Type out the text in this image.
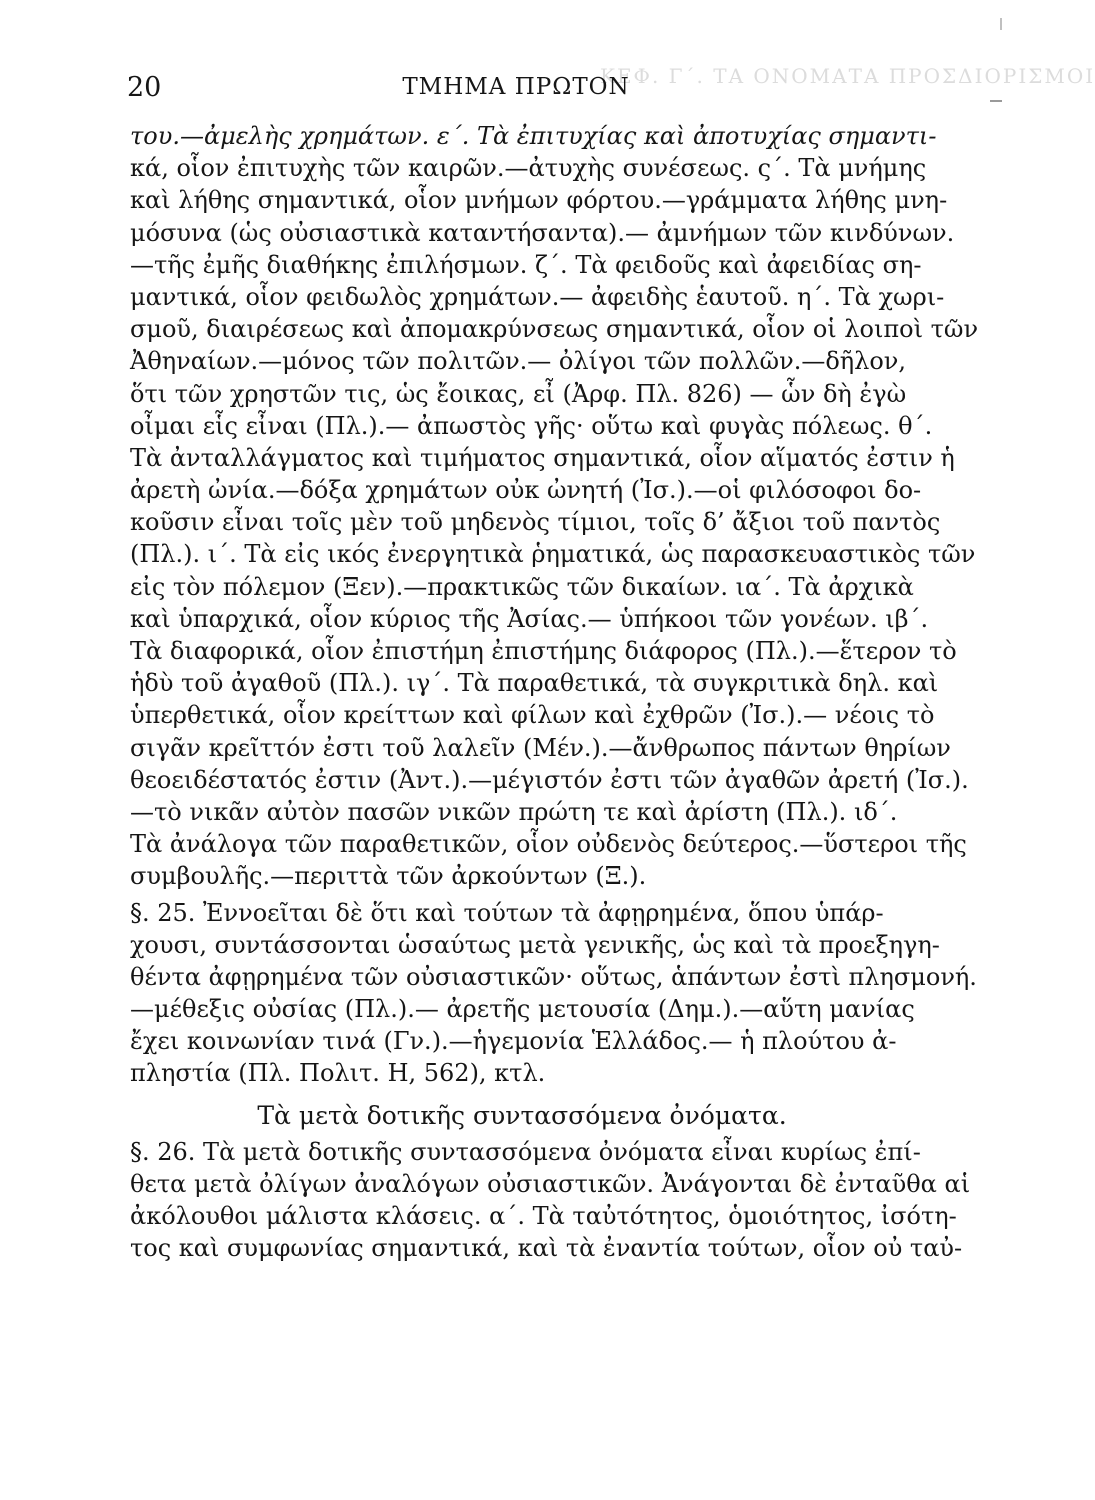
ΚΕΦ. Γ΄. ΤΑ ΟΝΟΜΑΤΑ ΠΡΟΣΔΙΟΡΙΣΜΟΙ
20	ΤΜΗΜΑ ΠΡΩΤΟΝ
του.—ἀμελὴς χρημάτων. ε΄. Τὰ ἐπιτυχίας καὶ ἀποτυχίας σημαντι-
κά, οἷον ἐπιτυχὴς τῶν καιρῶν.—ἀτυχὴς συνέσεως. ς΄. Τὰ μνήμης
καὶ λήθης σημαντικά, οἷον μνήμων φόρτου.—γράμματα λήθης μνη-
μόσυνα (ὡς οὐσιαστικὰ καταντήσαντα).— ἀμνήμων τῶν κινδύνων.
—τῆς ἐμῆς διαθήκης ἐπιλήσμων. ζ΄. Τὰ φειδοῦς καὶ ἀφειδίας ση-
μαντικά, οἷον φειδωλὸς χρημάτων.— ἀφειδὴς ἑαυτοῦ. η΄. Τὰ χωρι-
σμοῦ, διαιρέσεως καὶ ἀπομακρύνσεως σημαντικά, οἷον οἱ λοιποὶ τῶν
Ἀθηναίων.—μόνος τῶν πολιτῶν.— ὀλίγοι τῶν πολλῶν.—δῆλον,
ὅτι τῶν χρηστῶν τις, ὡς ἔοικας, εἶ (Ἀρφ. Πλ. 826) — ὧν δὴ ἐγὼ
οἶμαι εἷς εἶναι (Πλ.).— ἀπωστὸς γῆς· οὕτω καὶ φυγὰς πόλεως. θ΄.
Τὰ ἀνταλλάγματος καὶ τιμήματος σημαντικά, οἷον αἵματός ἐστιν ἡ
ἀρετὴ ὠνία.—δόξα χρημάτων οὐκ ὠνητή (Ἰσ.).—οἱ φιλόσοφοι δο-
κοῦσιν εἶναι τοῖς μὲν τοῦ μηδενὸς τίμιοι, τοῖς δ’ ἄξιοι τοῦ παντὸς
(Πλ.). ι΄. Τὰ εἰς ικός ἐνεργητικὰ ῥηματικά, ὡς παρασκευαστικὸς τῶν
εἰς τὸν πόλεμον (Ξεν).—πρακτικῶς τῶν δικαίων. ια΄. Τὰ ἀρχικὰ
καὶ ὑπαρχικά, οἷον κύριος τῆς Ἀσίας.— ὑπήκοοι τῶν γονέων. ιβ΄.
Τὰ διαφορικά, οἷον ἐπιστήμη ἐπιστήμης διάφορος (Πλ.).—ἕτερον τὸ
ἡδὺ τοῦ ἀγαθοῦ (Πλ.). ιγ΄. Τὰ παραθετικά, τὰ συγκριτικὰ δηλ. καὶ
ὑπερθετικά, οἷον κρείττων καὶ φίλων καὶ ἐχθρῶν (Ἰσ.).— νέοις τὸ
σιγᾶν κρεῖττόν ἐστι τοῦ λαλεῖν (Μέν.).—ἄνθρωπος πάντων θηρίων
θεοειδέστατός ἐστιν (Ἀντ.).—μέγιστόν ἐστι τῶν ἀγαθῶν ἀρετή (Ἰσ.).
—τὸ νικᾶν αὐτὸν πασῶν νικῶν πρώτη τε καὶ ἀρίστη (Πλ.). ιδ΄.
Τὰ ἀνάλογα τῶν παραθετικῶν, οἷον οὐδενὸς δεύτερος.—ὕστεροι τῆς
συμβουλῆς.—περιττὰ τῶν ἀρκούντων (Ξ.).
§. 25. Ἐννοεῖται δὲ ὅτι καὶ τούτων τὰ ἀφῃρημένα, ὅπου ὑπάρ-
χουσι, συντάσσονται ὡσαύτως μετὰ γενικῆς, ὡς καὶ τὰ προεξηγη-
θέντα ἀφῃρημένα τῶν οὐσιαστικῶν· οὕτως, ἁπάντων ἐστὶ πλησμονή.
—μέθεξις οὐσίας (Πλ.).— ἀρετῆς μετουσία (Δημ.).—αὕτη μανίας
ἔχει κοινωνίαν τινά (Γν.).—ἡγεμονία Ἑλλάδος.— ἡ πλούτου ἀ-
πληστία (Πλ. Πολιτ. Η, 562), κτλ.
Τὰ μετὰ δοτικῆς συντασσόμενα ὀνόματα.
§. 26. Τὰ μετὰ δοτικῆς συντασσόμενα ὀνόματα εἶναι κυρίως ἐπί-
θετα μετὰ ὀλίγων ἀναλόγων οὐσιαστικῶν. Ἀνάγονται δὲ ἐνταῦθα αἱ
ἀκόλουθοι μάλιστα κλάσεις. α΄. Τὰ ταὐτότητος, ὁμοιότητος, ἰσότη-
τος καὶ συμφωνίας σημαντικά, καὶ τὰ ἐναντία τούτων, οἷον οὐ ταὐ-
